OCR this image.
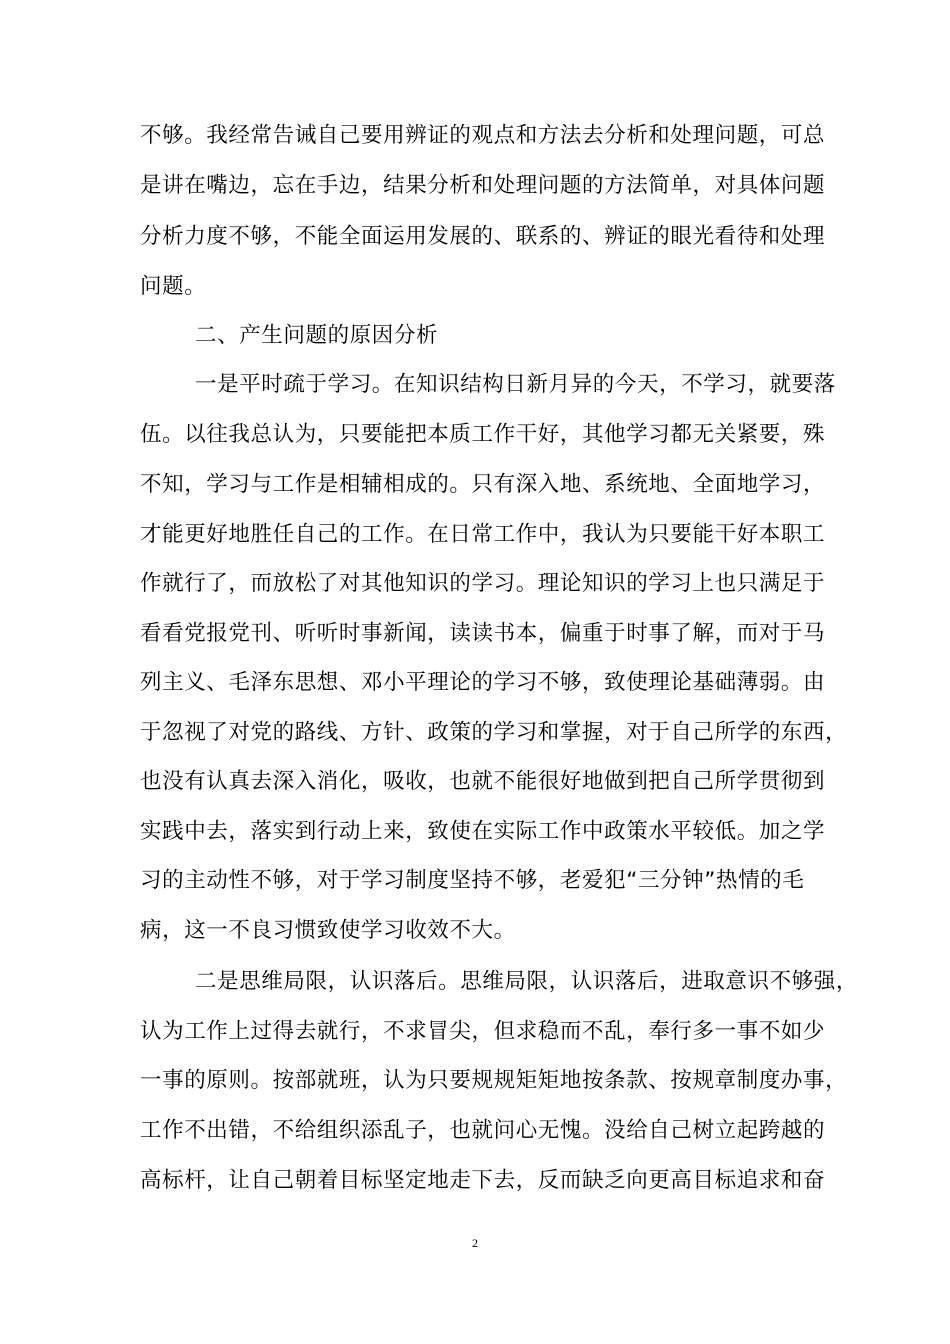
不够。我经常告诫自己要用辨证的观点和方法去分析和处理问题，可总
是讲在嘴边，忘在手边，结果分析和处理问题的方法简单，对具体问题
分析力度不够，不能全面运用发展的、联系的、辨证的眼光看待和处理
问题。
二、产生问题的原因分析
一是平时疏于学习。在知识结构日新月异的今天，不学习，就要落
伍。以往我总认为，只要能把本质工作干好，其他学习都无关紧要，殊
不知，学习与工作是相辅相成的。只有深入地、系统地、全面地学习，
才能更好地胜任自己的工作。在日常工作中，我认为只要能干好本职工
作就行了，而放松了对其他知识的学习。理论知识的学习上也只满足于
看看党报党刊、听听时事新闻，读读书本，偏重于时事了解，而对于马
列主义、毛泽东思想、邓小平理论的学习不够，致使理论基础薄弱。由
于忽视了对党的路线、方针、政策的学习和掌握，对于自己所学的东西，
也没有认真去深入消化，吸收，也就不能很好地做到把自己所学贯彻到
实践中去，落实到行动上来，致使在实际工作中政策水平较低。加之学
习的主动性不够，对于学习制度坚持不够，老爱犯“三分钟”热情的毛
病，这一不良习惯致使学习收效不大。
二是思维局限，认识落后。思维局限，认识落后，进取意识不够强，
认为工作上过得去就行，不求冒尖，但求稳而不乱，奉行多一事不如少
一事的原则。按部就班，认为只要规规矩矩地按条款、按规章制度办事，
工作不出错，不给组织添乱子，也就问心无愧。没给自己树立起跨越的
高标杆，让自己朝着目标坚定地走下去，反而缺乏向更高目标追求和奋
2
